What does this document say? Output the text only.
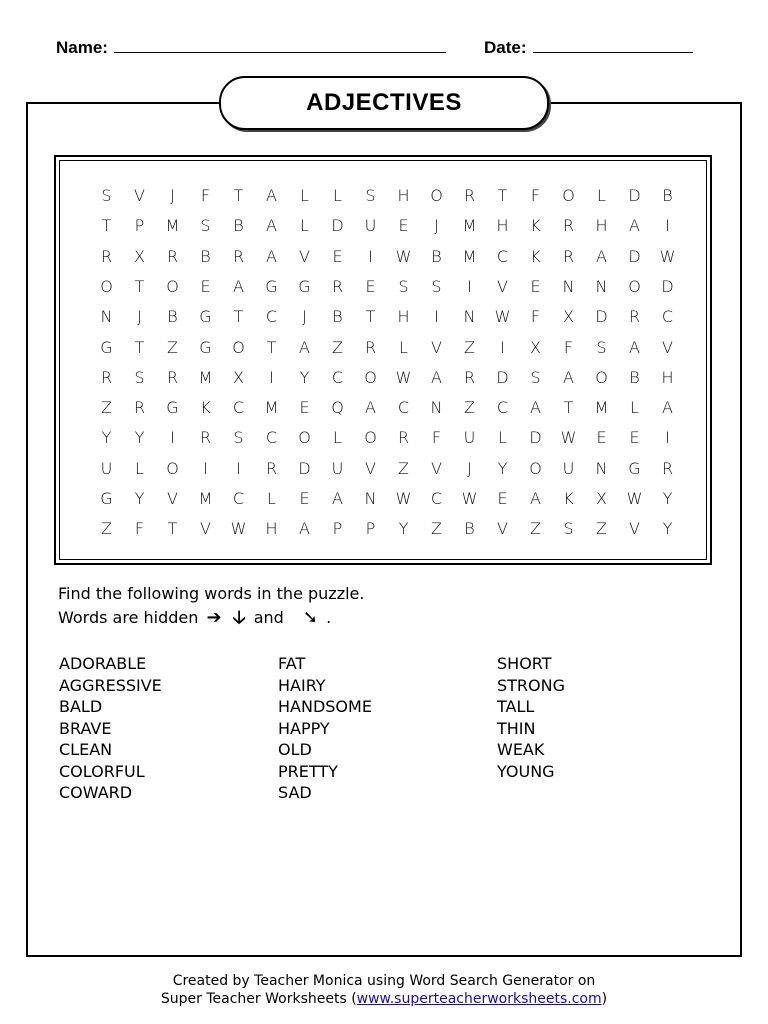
Name:	Date:
ADJECTIVES
S	V	J	F	T	A	L	L	S	H	O	R	T	F	O	L	D	B
T	P	M	S	B	A	L	D	U	E	J	M	H	K	R	H	A	I
R	X	R	B	R	A	V	E	I	W	B	M	C	K	R	A	D	W
O	T	O	E	A	G	G	R	E	S	S	I	V	E	N	N	O	D
N	J	B	G	T	C	J	B	T	H	I	N	W	F	X	D	R	C
G	T	Z	G	O	T	A	Z	R	L	V	Z	I	X	F	S	A	V
R	S	R	M	X	I	Y	C	O	W	A	R	D	S	A	O	B	H
Z	R	G	K	C	M	E	Q	A	C	N	Z	C	A	T	M	L	A
Y	Y	I	R	S	C	O	L	O	R	F	U	L	D	W	E	E	I
U	L	O	I	I	R	D	U	V	Z	V	J	Y	O	U	N	G	R
G	Y	V	M	C	L	E	A	N	W	C	W	E	A	K	X	W	Y
Z	F	T	V	W	H	A	P	P	Y	Z	B	V	Z	S	Z	V	Y
Find the following words in the puzzle.
Words are hidden ➔ 🡣 and ➘ .
ADORABLE
AGGRESSIVE
BALD
BRAVE
CLEAN
COLORFUL
COWARD
FAT
HAIRY
HANDSOME
HAPPY
OLD
PRETTY
SAD
SHORT
STRONG
TALL
THIN
WEAK
YOUNG
Created by Teacher Monica using Word Search Generator on
Super Teacher Worksheets (www.superteacherworksheets.com)
